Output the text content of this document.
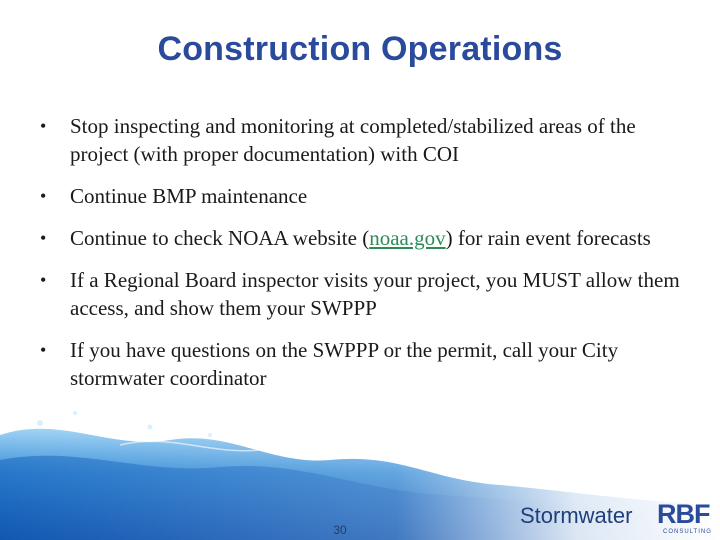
Construction Operations
• Stop inspecting and monitoring at completed/stabilized areas of the project (with proper documentation) with COI
• Continue BMP maintenance
• Continue to check NOAA website (noaa.gov) for rain event forecasts
• If a Regional Board inspector visits your project, you MUST allow them access, and show them your SWPPP
• If you have questions on the SWPPP or the permit, call your City stormwater coordinator
30
Stormwater RBF
CONSULTING
